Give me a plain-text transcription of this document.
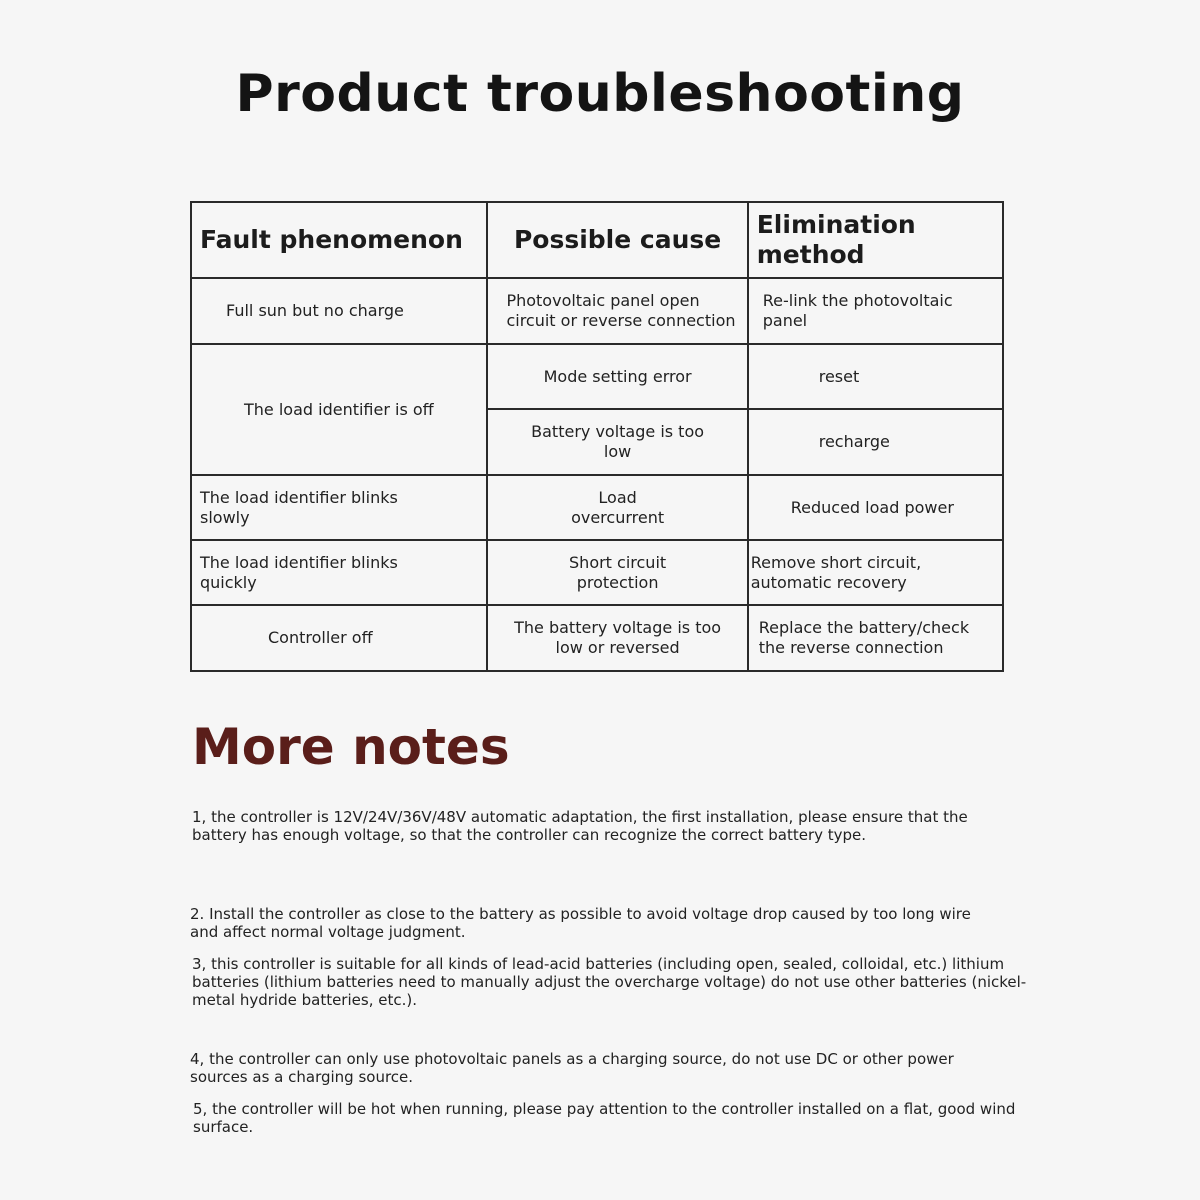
Product troubleshooting
Fault phenomenon	Possible cause	Elimination method
Full sun but no charge	Photovoltaic panel open circuit or reverse connection	Re-link the photovoltaic panel
The load identifier is off	Mode setting error	reset
	Battery voltage is too low	recharge
The load identifier blinks slowly	Load overcurrent	Reduced load power
The load identifier blinks quickly	Short circuit protection	Remove short circuit, automatic recovery
Controller off	The battery voltage is too low or reversed	Replace the battery/check the reverse connection
More notes
1, the controller is 12V/24V/36V/48V automatic adaptation, the first installation, please ensure that the battery has enough voltage, so that the controller can recognize the correct battery type.
2. Install the controller as close to the battery as possible to avoid voltage drop caused by too long wire and affect normal voltage judgment.
3, this controller is suitable for all kinds of lead-acid batteries (including open, sealed, colloidal, etc.) lithium batteries (lithium batteries need to manually adjust the overcharge voltage) do not use other batteries (nickel-metal hydride batteries, etc.).
4, the controller can only use photovoltaic panels as a charging source, do not use DC or other power sources as a charging source.
5, the controller will be hot when running, please pay attention to the controller installed on a flat, good wind surface.
